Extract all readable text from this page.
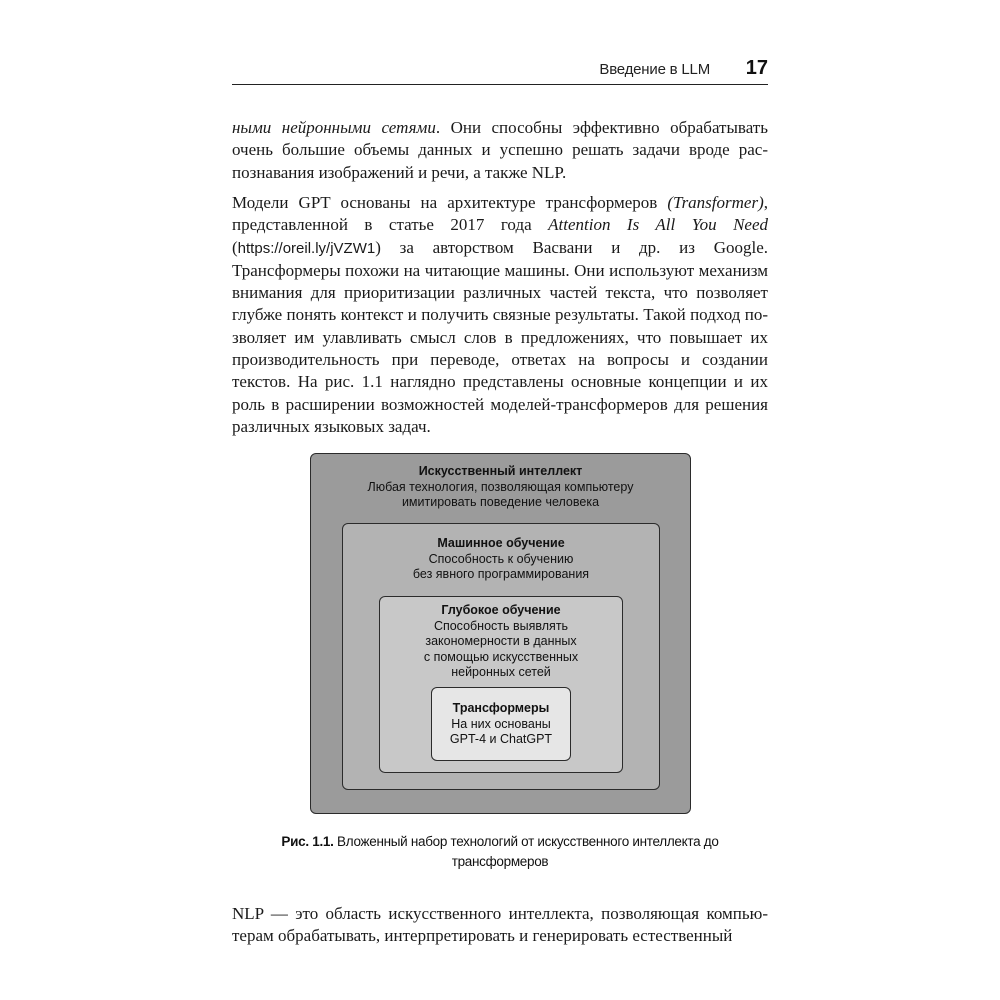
Введение в LLM 17

ными нейронными сетями. Они способны эффективно обрабатывать очень большие объемы данных и успешно решать задачи вроде распознавания изображений и речи, а также NLP.

Модели GPT основаны на архитектуре трансформеров (Transformer), представленной в статье 2017 года Attention Is All You Need (https://oreil.ly/jVZW1) за авторством Васвани и др. из Google. Трансформеры похожи на читающие машины. Они используют механизм внимания для приоритизации различных частей текста, что позволяет глубже понять контекст и получить связные результаты. Такой подход позволяет им улавливать смысл слов в предложениях, что повышает их производительность при переводе, ответах на вопросы и создании текстов. На рис. 1.1 наглядно представлены основные концепции и их роль в расширении возможностей моделей-трансформеров для решения различных языковых задач.

Искусственный интеллект
Любая технология, позволяющая компьютеру
имитировать поведение человека
Машинное обучение
Способность к обучению
без явного программирования
Глубокое обучение
Способность выявлять
закономерности в данных
с помощью искусственных
нейронных сетей
Трансформеры
На них основаны
GPT-4 и ChatGPT
Рис. 1.1. Вложенный набор технологий от искусственного интеллекта до трансформеров

NLP — это область искусственного интеллекта, позволяющая компьютерам обрабатывать, интерпретировать и генерировать естественный
